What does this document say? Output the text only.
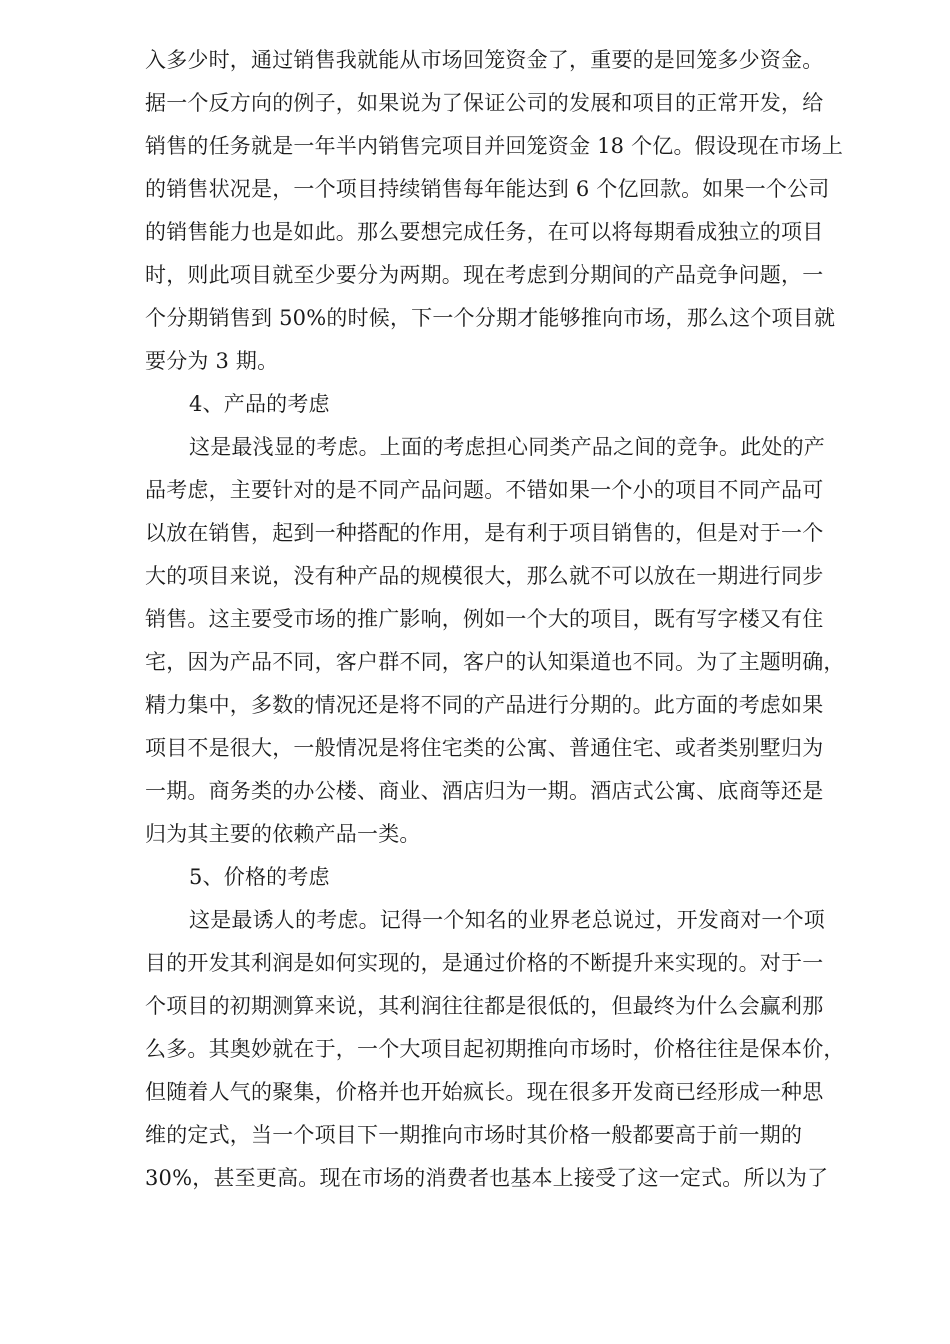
入多少时，通过销售我就能从市场回笼资金了，重要的是回笼多少资金。
据一个反方向的例子，如果说为了保证公司的发展和项目的正常开发，给
销售的任务就是一年半内销售完项目并回笼资金 18 个亿。假设现在市场上
的销售状况是，一个项目持续销售每年能达到 6 个亿回款。如果一个公司
的销售能力也是如此。那么要想完成任务，在可以将每期看成独立的项目
时，则此项目就至少要分为两期。现在考虑到分期间的产品竞争问题，一
个分期销售到 50%的时候，下一个分期才能够推向市场，那么这个项目就
要分为 3 期。
4、产品的考虑
这是最浅显的考虑。上面的考虑担心同类产品之间的竞争。此处的产
品考虑，主要针对的是不同产品问题。不错如果一个小的项目不同产品可
以放在销售，起到一种搭配的作用，是有利于项目销售的，但是对于一个
大的项目来说，没有种产品的规模很大，那么就不可以放在一期进行同步
销售。这主要受市场的推广影响，例如一个大的项目，既有写字楼又有住
宅，因为产品不同，客户群不同，客户的认知渠道也不同。为了主题明确，
精力集中，多数的情况还是将不同的产品进行分期的。此方面的考虑如果
项目不是很大，一般情况是将住宅类的公寓、普通住宅、或者类别墅归为
一期。商务类的办公楼、商业、酒店归为一期。酒店式公寓、底商等还是
归为其主要的依赖产品一类。
5、价格的考虑
这是最诱人的考虑。记得一个知名的业界老总说过，开发商对一个项
目的开发其利润是如何实现的，是通过价格的不断提升来实现的。对于一
个项目的初期测算来说，其利润往往都是很低的，但最终为什么会赢利那
么多。其奥妙就在于，一个大项目起初期推向市场时，价格往往是保本价，
但随着人气的聚集，价格并也开始疯长。现在很多开发商已经形成一种思
维的定式，当一个项目下一期推向市场时其价格一般都要高于前一期的
30%，甚至更高。现在市场的消费者也基本上接受了这一定式。所以为了
